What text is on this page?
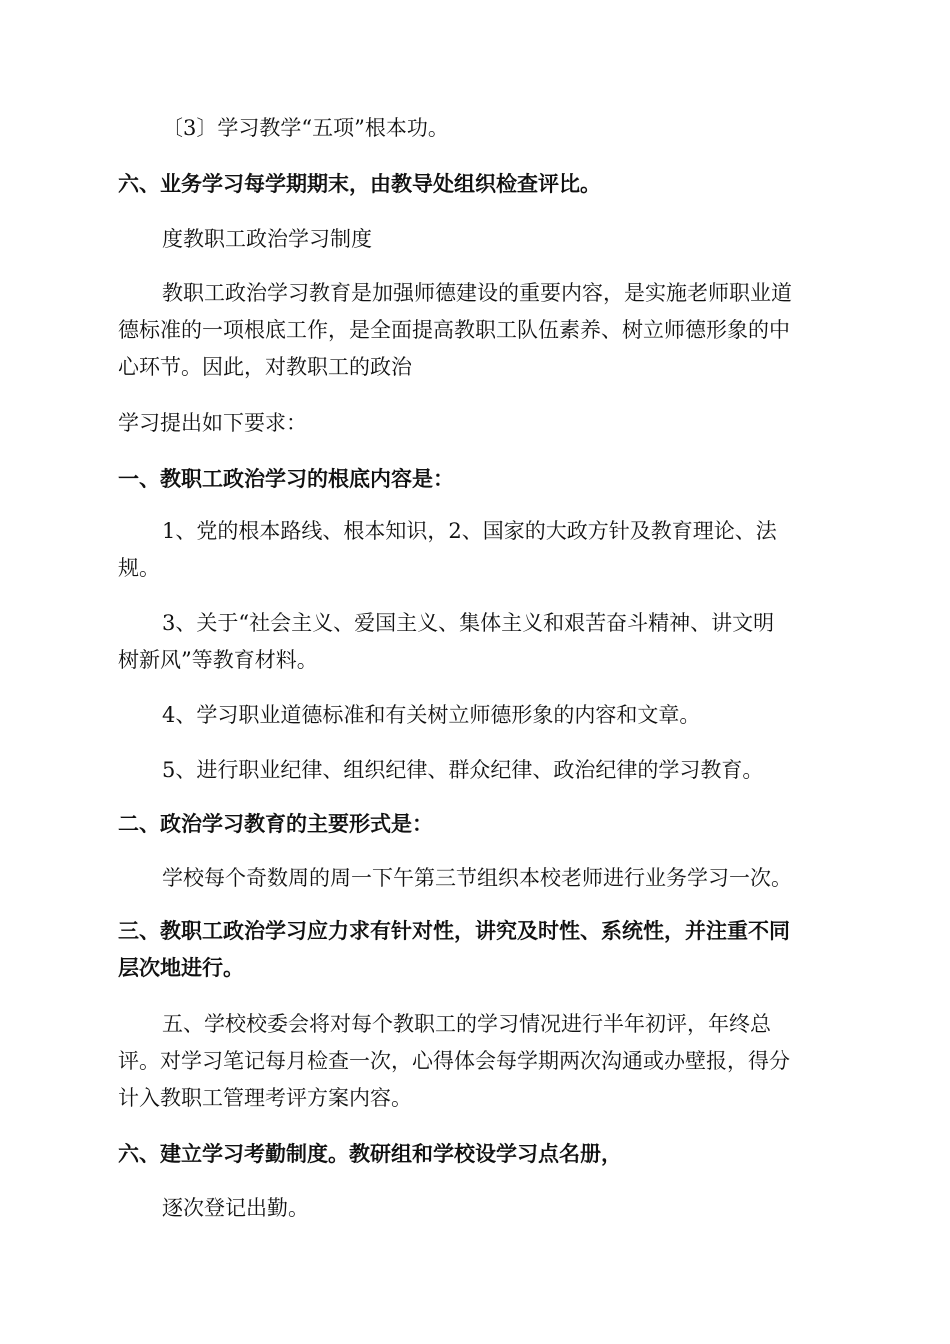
〔3〕学习教学“五项”根本功。

六、业务学习每学期期末，由教导处组织检查评比。

度教职工政治学习制度

教职工政治学习教育是加强师德建设的重要内容，是实施老师职业道
德标准的一项根底工作，是全面提高教职工队伍素养、树立师德形象的中
心环节。因此，对教职工的政治

学习提出如下要求：

一、教职工政治学习的根底内容是：

1、党的根本路线、根本知识，2、国家的大政方针及教育理论、法
规。

3、关于“社会主义、爱国主义、集体主义和艰苦奋斗精神、讲文明
树新风”等教育材料。

4、学习职业道德标准和有关树立师德形象的内容和文章。

5、进行职业纪律、组织纪律、群众纪律、政治纪律的学习教育。

二、政治学习教育的主要形式是：

学校每个奇数周的周一下午第三节组织本校老师进行业务学习一次。

三、教职工政治学习应力求有针对性，讲究及时性、系统性，并注重不同
层次地进行。

五、学校校委会将对每个教职工的学习情况进行半年初评，年终总
评。对学习笔记每月检查一次，心得体会每学期两次沟通或办壁报，得分
计入教职工管理考评方案内容。

六、建立学习考勤制度。教研组和学校设学习点名册，

逐次登记出勤。
